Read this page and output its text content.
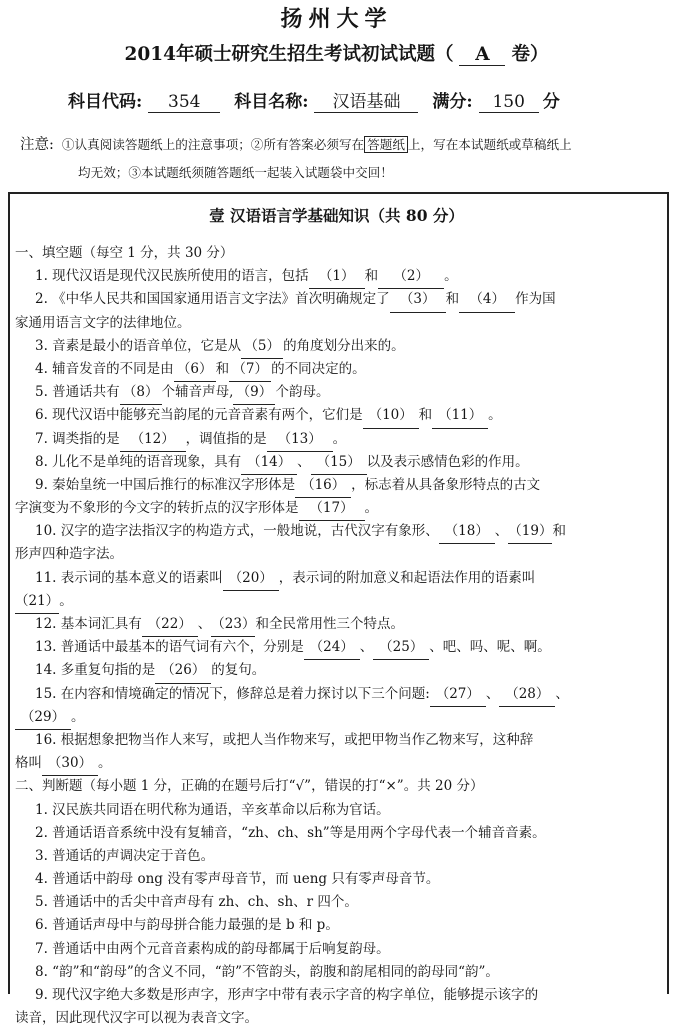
扬州大学
2014年硕士研究生招生考试初试试题（ A 卷）
科目代码: 354 科目名称: 汉语基础 满分: 150 分
注意: ①认真阅读答题纸上的注意事项；②所有答案必须写在 答题纸 上，写在本试题纸或草稿纸上
均无效；③本试题纸须随答题纸一起装入试题袋中交回！
壹 汉语语言学基础知识（共 80 分）
一、填空题（每空 1 分，共 30 分）
1. 现代汉语是现代汉民族所使用的语言，包括 （1） 和 （2） 。
2. 《中华人民共和国国家通用语言文字法》首次明确规定了 （3） 和 （4） 作为国
家通用语言文字的法律地位。
3. 音素是最小的语音单位，它是从 （5） 的角度划分出来的。
4. 辅音发音的不同是由 （6） 和 （7） 的不同决定的。
5. 普通话共有 （8） 个辅音声母, （9） 个韵母。
6. 现代汉语中能够充当韵尾的元音音素有两个，它们是 （10） 和 （11） 。
7. 调类指的是 （12） ，调值指的是 （13） 。
8. 儿化不是单纯的语音现象，具有 （14） 、 （15） 以及表示感情色彩的作用。
9. 秦始皇统一中国后推行的标准汉字形体是 （16） ，标志着从具备象形特点的古文
字演变为不象形的今文字的转折点的汉字形体是 （17） 。
10. 汉字的造字法指汉字的构造方式，一般地说，古代汉字有象形、 （18） 、（19）和
形声四种造字法。
11. 表示词的基本意义的语素叫 （20） ，表示词的附加意义和起语法作用的语素叫
（21）。
12. 基本词汇具有 （22） 、（23）和全民常用性三个特点。
13. 普通话中最基本的语气词有六个，分别是 （24） 、 （25） 、吧、吗、呢、啊。
14. 多重复句指的是 （26） 的复句。
15. 在内容和情境确定的情况下，修辞总是着力探讨以下三个问题: （27） 、 （28） 、
（29） 。
16. 根据想象把物当作人来写，或把人当作物来写，或把甲物当作乙物来写，这种辞
格叫 （30） 。
二、判断题（每小题 1 分，正确的在题号后打“√”，错误的打“×”。共 20 分）
1. 汉民族共同语在明代称为通语，辛亥革命以后称为官话。
2. 普通话语音系统中没有复辅音，“zh、ch、sh”等是用两个字母代表一个辅音音素。
3. 普通话的声调决定于音色。
4. 普通话中韵母 ong 没有零声母音节，而 ueng 只有零声母音节。
5. 普通话中的舌尖中音声母有 zh、ch、sh、r 四个。
6. 普通话声母中与韵母拼合能力最强的是 b 和 p。
7. 普通话中由两个元音音素构成的韵母都属于后响复韵母。
8. “韵”和“韵母”的含义不同，“韵”不管韵头，韵腹和韵尾相同的韵母同“韵”。
9. 现代汉字绝大多数是形声字，形声字中带有表示字音的构字单位，能够提示该字的
读音，因此现代汉字可以视为表音文字。
